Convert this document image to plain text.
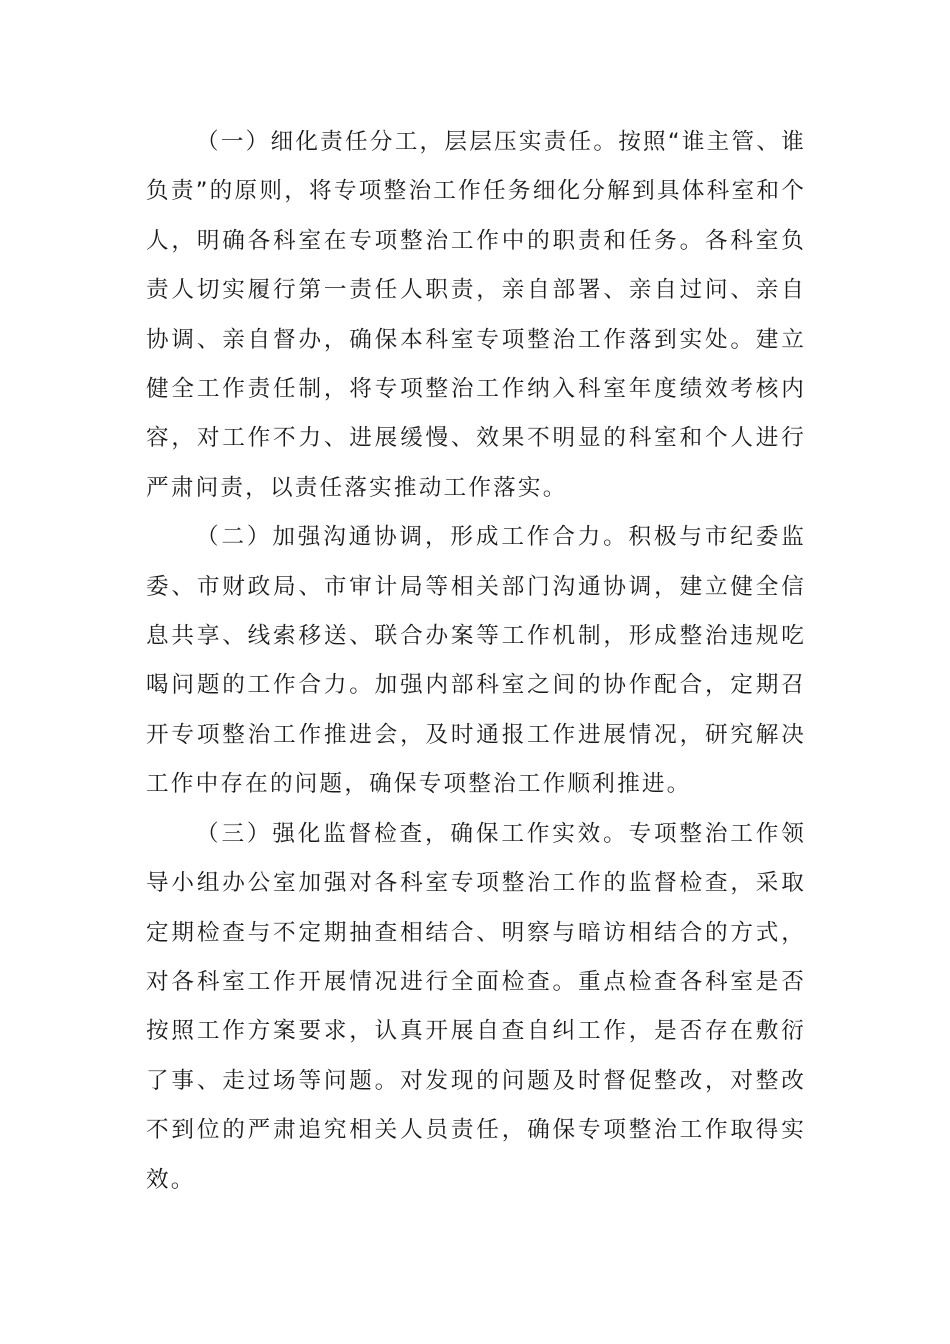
（一）细化责任分工，层层压实责任。按照“谁主管、谁负责”的原则，将专项整治工作任务细化分解到具体科室和个人，明确各科室在专项整治工作中的职责和任务。各科室负责人切实履行第一责任人职责，亲自部署、亲自过问、亲自协调、亲自督办，确保本科室专项整治工作落到实处。建立健全工作责任制，将专项整治工作纳入科室年度绩效考核内容，对工作不力、进展缓慢、效果不明显的科室和个人进行严肃问责，以责任落实推动工作落实。

（二）加强沟通协调，形成工作合力。积极与市纪委监委、市财政局、市审计局等相关部门沟通协调，建立健全信息共享、线索移送、联合办案等工作机制，形成整治违规吃喝问题的工作合力。加强内部科室之间的协作配合，定期召开专项整治工作推进会，及时通报工作进展情况，研究解决工作中存在的问题，确保专项整治工作顺利推进。

（三）强化监督检查，确保工作实效。专项整治工作领导小组办公室加强对各科室专项整治工作的监督检查，采取定期检查与不定期抽查相结合、明察与暗访相结合的方式，对各科室工作开展情况进行全面检查。重点检查各科室是否按照工作方案要求，认真开展自查自纠工作，是否存在敷衍了事、走过场等问题。对发现的问题及时督促整改，对整改不到位的严肃追究相关人员责任，确保专项整治工作取得实效。
